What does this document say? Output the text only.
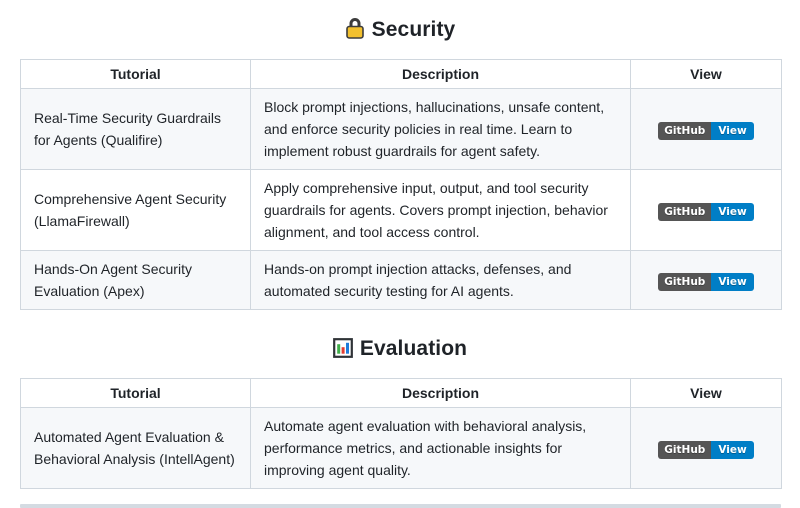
Security
Tutorial	Description	View
Real-Time Security Guardrails for Agents (Qualifire)	Block prompt injections, hallucinations, unsafe content, and enforce security policies in real time. Learn to implement robust guardrails for agent safety.	GitHub View

Comprehensive Agent Security (LlamaFirewall)	Apply comprehensive input, output, and tool security guardrails for agents. Covers prompt injection, behavior alignment, and tool access control.	GitHub View

Hands-On Agent Security Evaluation (Apex)	Hands-on prompt injection attacks, defenses, and automated security testing for AI agents.	GitHub View
Evaluation
Tutorial	Description	View
Automated Agent Evaluation & Behavioral Analysis (IntellAgent)	Automate agent evaluation with behavioral analysis, performance metrics, and actionable insights for improving agent quality.	GitHub View
